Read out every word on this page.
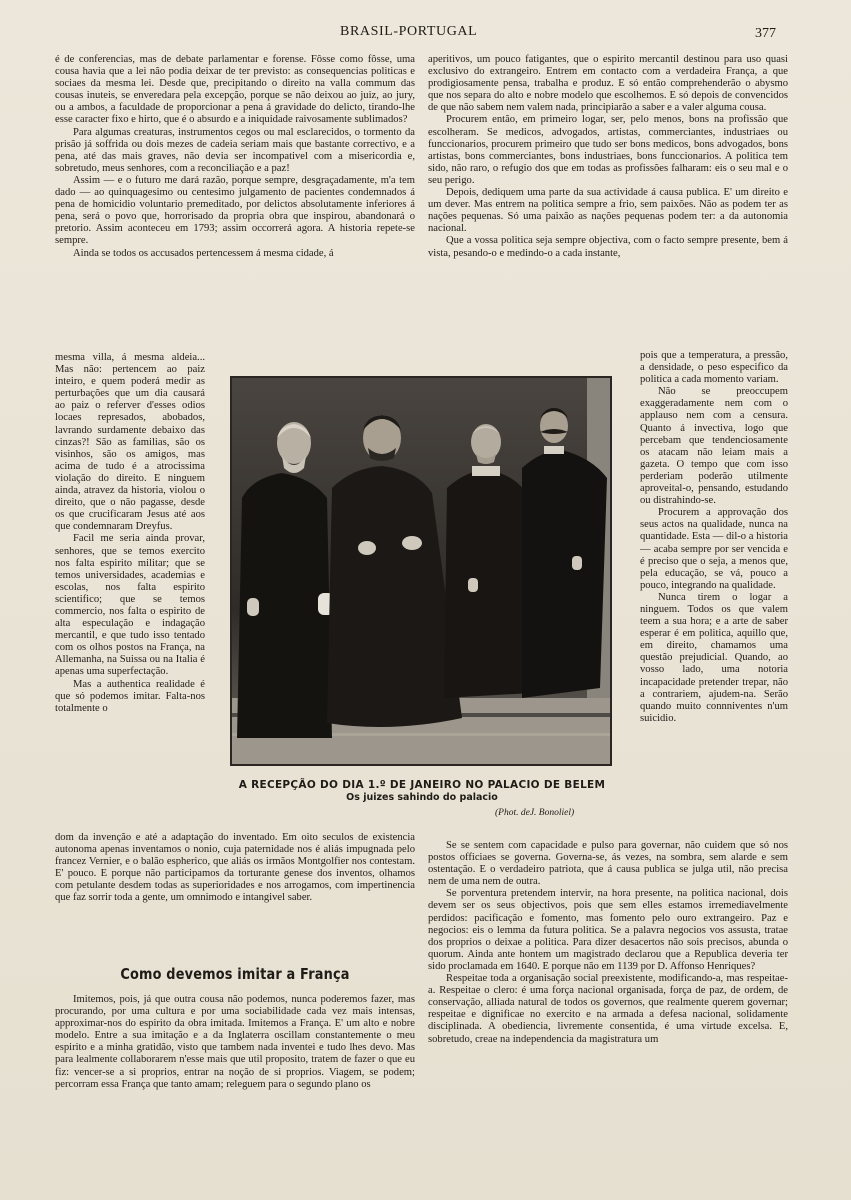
BRASIL-PORTUGAL	377

é de conferencias, mas de debate parlamentar e forense. Fôsse como fôsse, uma cousa havia que a lei não podia deixar de ter previsto: as consequencias politicas e sociaes da mesma lei. Desde que, precipitando o direito na valla commum das cousas inuteis, se enveredara pela excepção, porque se não deixou ao juiz, ao jury, ou a ambos, a faculdade de proporcionar a pena á gravidade do delicto, tirando-lhe esse caracter fixo e hirto, que é o absurdo e a iniquidade raivosamente sublimados?

Para algumas creaturas, instrumentos cegos ou mal esclarecidos, o tormento da prisão já soffrida ou dois mezes de cadeia seriam mais que bastante correctivo, e a pena, até das mais graves, não devia ser incompativel com a misericordia e, sobretudo, meus senhores, com a reconciliação e a paz!

Assim — e o futuro me dará razão, porque sempre, desgraçadamente, m'a tem dado — ao quinquagesimo ou centesimo julgamento de pacientes condemnados á pena de homicidio voluntario premeditado, por delictos absolutamente inferiores á pena, será o povo que, horrorisado da propria obra que inspirou, abandonará o pretorio. Assim aconteceu em 1793; assim occorrerá agora. A historia repete-se sempre.

Ainda se todos os accusados pertencessem á mesma cidade, á

mesma villa, á mesma aldeia... Mas não: pertencem ao paiz inteiro, e quem poderá medir as perturbações que um dia causará ao paiz o referver d'esses odios locaes represados, abobados, lavrando surdamente debaixo das cinzas?! São as familias, são os visinhos, são os amigos, mas acima de tudo é a atrocissima violação do direito. E ninguem ainda, atravez da historia, violou o direito, que o não pagasse, desde os que crucificaram Jesus até aos que condemnaram Dreyfus.

Facil me seria ainda provar, senhores, que se temos exercito nos falta espirito militar; que se temos universidades, academias e escolas, nos falta espirito scientifico; que se temos commercio, nos falta o espirito de alta especulação e indagação mercantil, e que tudo isso tentado com os olhos postos na França, na Allemanha, na Suissa ou na Italia é apenas uma superfectação.

Mas a authentica realidade é que só podemos imitar. Falta-nos totalmente o

A RECEPÇÃO DO DIA 1.º DE JANEIRO NO PALACIO DE BELEM
Os juizes sahindo do palacio
(Phot. deJ. Bonoliel)

dom da invenção e até a adaptação do inventado. Em oito seculos de existencia autonoma apenas inventamos o nonio, cuja paternidade nos é aliás impugnada pelo francez Vernier, e o balão espherico, que aliás os irmãos Montgolfier nos contestam. E' pouco. E porque não participamos da torturante genese dos inventos, olhamos com petulante desdem todas as superioridades e nos arrogamos, com impertinencia que faz sorrir toda a gente, um omnimodo e intangivel saber.

Como devemos imitar a França

Imitemos, pois, já que outra cousa não podemos, nunca poderemos fazer, mas procurando, por uma cultura e por uma sociabilidade cada vez mais intensas, approximar-nos do espirito da obra imitada. Imitemos a França. E' um alto e nobre modelo. Entre a sua imitação e a da Inglaterra oscillam constantemente o meu espirito e a minha gratidão, visto que tambem nada inventei e tudo lhes devo. Mas para lealmente collaborarem n'esse mais que util proposito, tratem de fazer o que eu fiz: vencer-se a si proprios, entrar na noção de si proprios. Viagem, se podem; percorram essa França que tanto amam; releguem para o segundo plano os

aperitivos, um pouco fatigantes, que o espirito mercantil destinou para uso quasi exclusivo do extrangeiro. Entrem em contacto com a verdadeira França, a que prodigiosamente pensa, trabalha e produz. E só então comprehenderão o abysmo que nos separa do alto e nobre modelo que escolhemos. E só depois de convencidos de que não sabem nem valem nada, principiarão a saber e a valer alguma cousa.

Procurem então, em primeiro logar, ser, pelo menos, bons na profissão que escolheram. Se medicos, advogados, artistas, commerciantes, industriaes ou funccionarios, procurem primeiro que tudo ser bons medicos, bons advogados, bons artistas, bons commerciantes, bons industriaes, bons funccionarios. A politica tem sido, não raro, o refugio dos que em todas as profissões falharam: eis o seu mal e o seu perigo.

Depois, dediquem uma parte da sua actividade á causa publica. E' um direito e um dever. Mas entrem na politica sempre a frio, sem paixões. Não as podem ter as nações pequenas. Só uma paixão as nações pequenas podem ter: a da autonomia nacional.

Que a vossa politica seja sempre objectiva, com o facto sempre presente, bem á vista, pesando-o e medindo-o a cada instante,

pois que a temperatura, a pressão, a densidade, o peso especifico da politica a cada momento variam.

Não se preoccupem exaggeradamente nem com o applauso nem com a censura. Quanto á invectiva, logo que percebam que tendenciosamente os atacam não leiam mais a gazeta. O tempo que com isso perderiam poderão utilmente aproveital-o, pensando, estudando ou distrahindo-se.

Procurem a approvação dos seus actos na qualidade, nunca na quantidade. Esta — dil-o a historia — acaba sempre por ser vencida e é preciso que o seja, a menos que, pela educação, se vá, pouco a pouco, integrando na qualidade.

Nunca tirem o logar a ninguem. Todos os que valem teem a sua hora; e a arte de saber esperar é em politica, aquillo que, em direito, chamamos uma questão prejudicial. Quando, ao vosso lado, uma notoria incapacidade pretender trepar, não a contrariem, ajudem-na. Serão quando muito connniventes n'um suicidio.

Se se sentem com capacidade e pulso para governar, não cuidem que só nos postos officiaes se governa. Governa-se, ás vezes, na sombra, sem alarde e sem ostentação. E o verdadeiro patriota, que á causa publica se julga util, não precisa nem de uma nem de outra.

Se porventura pretendem intervir, na hora presente, na politica nacional, dois devem ser os seus objectivos, pois que sem elles estamos irremediavelmente perdidos: pacificação e fomento, mas fomento pelo ouro extrangeiro. Paz e negocios: eis o lemma da futura politica. Se a palavra negocios vos assusta, tratae dos proprios o deixae a politica. Para dizer desacertos não sois precisos, abunda o quorum. Ainda ante hontem um magistrado declarou que a Republica deveria ter sido proclamada em 1640. E porque não em 1139 por D. Affonso Henriques?

Respeitae toda a organisação social preexistente, modificando-a, mas respeitae-a. Respeitae o clero: é uma força nacional organisada, força de paz, de ordem, de conservação, alliada natural de todos os governos, que realmente querem governar; respeitae e dignificae no exercito e na armada a defesa nacional, solidamente disciplinada. A obediencia, livremente consentida, é uma virtude excelsa. E, sobretudo, creae na independencia da magistratura um
